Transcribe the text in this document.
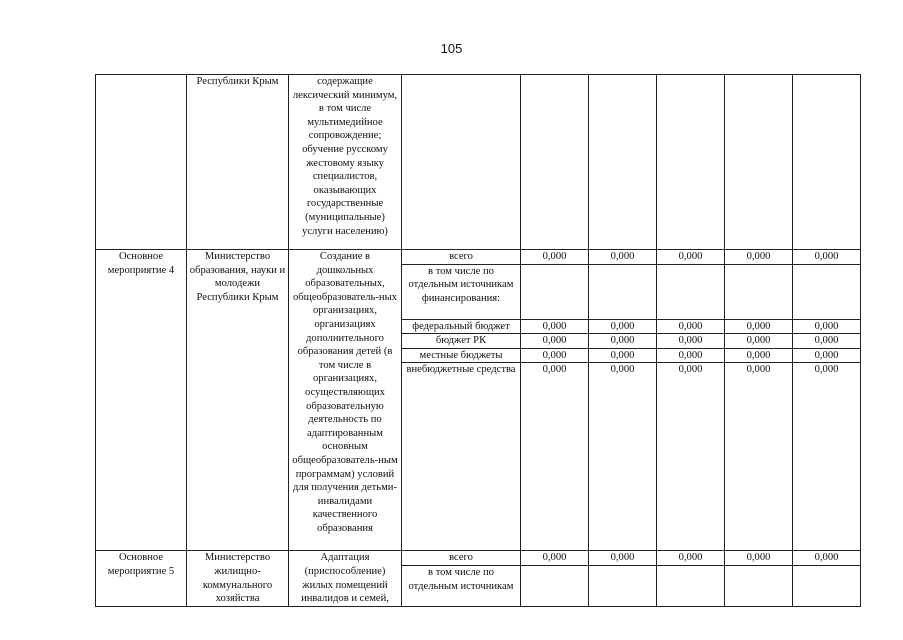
105
	Республики Крым	содержащие лексический минимум, в том числе мультимедийное сопровождение; обучение русскому жестовому языку специалистов, оказывающих государственные (муниципальные) услуги населению)						
Основное мероприятие 4	Министерство образования, науки и молодежи Республики Крым	Создание в дошкольных образовательных, общеобразователь-ных организациях, организациях дополнительного образования детей (в том числе в организациях, осуществляющих образовательную деятельность по адаптированным основным общеобразователь-ным программам) условий для получения детьми-инвалидами качественного образования	всего	0,000	0,000	0,000	0,000	0,000
			в том числе по отдельным источникам финансирования:					
			федеральный бюджет	0,000	0,000	0,000	0,000	0,000
			бюджет РК	0,000	0,000	0,000	0,000	0,000
			местные бюджеты	0,000	0,000	0,000	0,000	0,000
			внебюджетные средства	0,000	0,000	0,000	0,000	0,000
Основное мероприятие 5	Министерство жилищно-коммунального хозяйства	Адаптация (приспособление) жилых помещений инвалидов и семей,	всего	0,000	0,000	0,000	0,000	0,000
			в том числе по отдельным источникам					
